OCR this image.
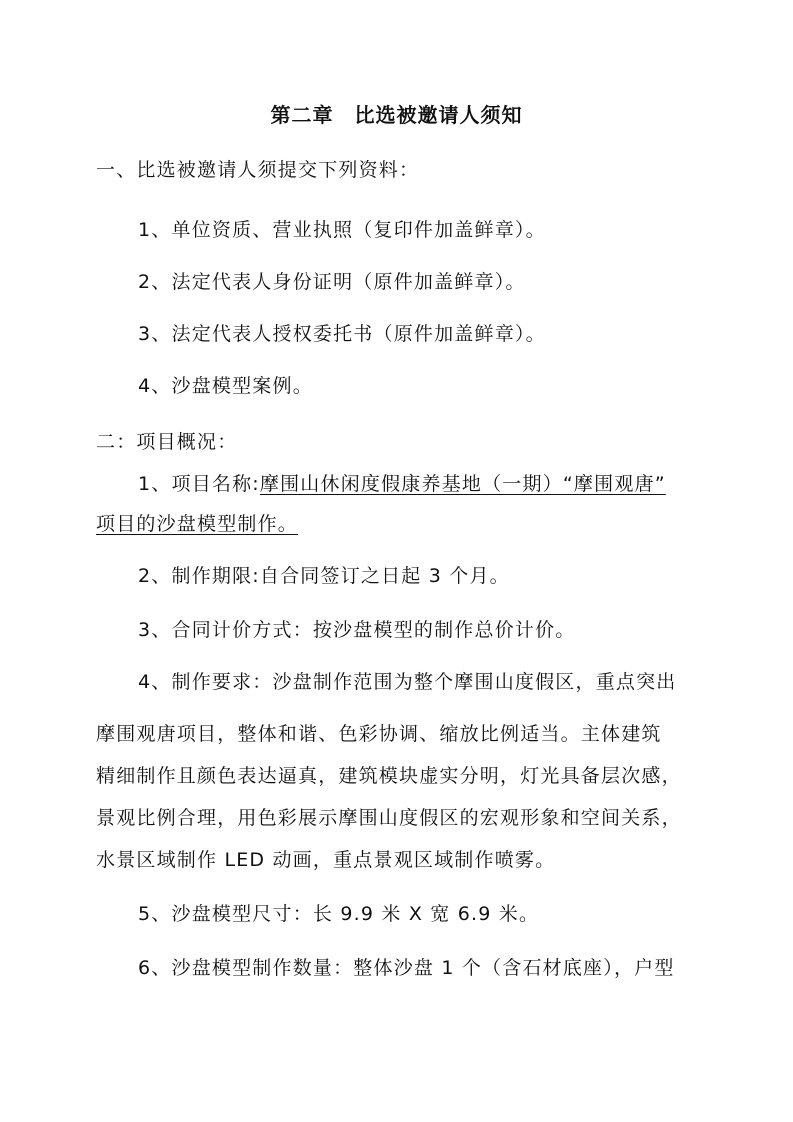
第二章　比选被邀请人须知
一、比选被邀请人须提交下列资料：
1、单位资质、营业执照（复印件加盖鲜章）。
2、法定代表人身份证明（原件加盖鲜章）。
3、法定代表人授权委托书（原件加盖鲜章）。
4、沙盘模型案例。
二：项目概况：
1、项目名称:摩围山休闲度假康养基地（一期）“摩围观唐”
项目的沙盘模型制作。
2、制作期限:自合同签订之日起 3 个月。
3、合同计价方式：按沙盘模型的制作总价计价。
4、制作要求：沙盘制作范围为整个摩围山度假区，重点突出
摩围观唐项目，整体和谐、色彩协调、缩放比例适当。主体建筑
精细制作且颜色表达逼真，建筑模块虚实分明，灯光具备层次感，
景观比例合理，用色彩展示摩围山度假区的宏观形象和空间关系，
水景区域制作 LED 动画，重点景观区域制作喷雾。
5、沙盘模型尺寸：长 9.9 米 X 宽 6.9 米。
6、沙盘模型制作数量：整体沙盘 1 个（含石材底座），户型
